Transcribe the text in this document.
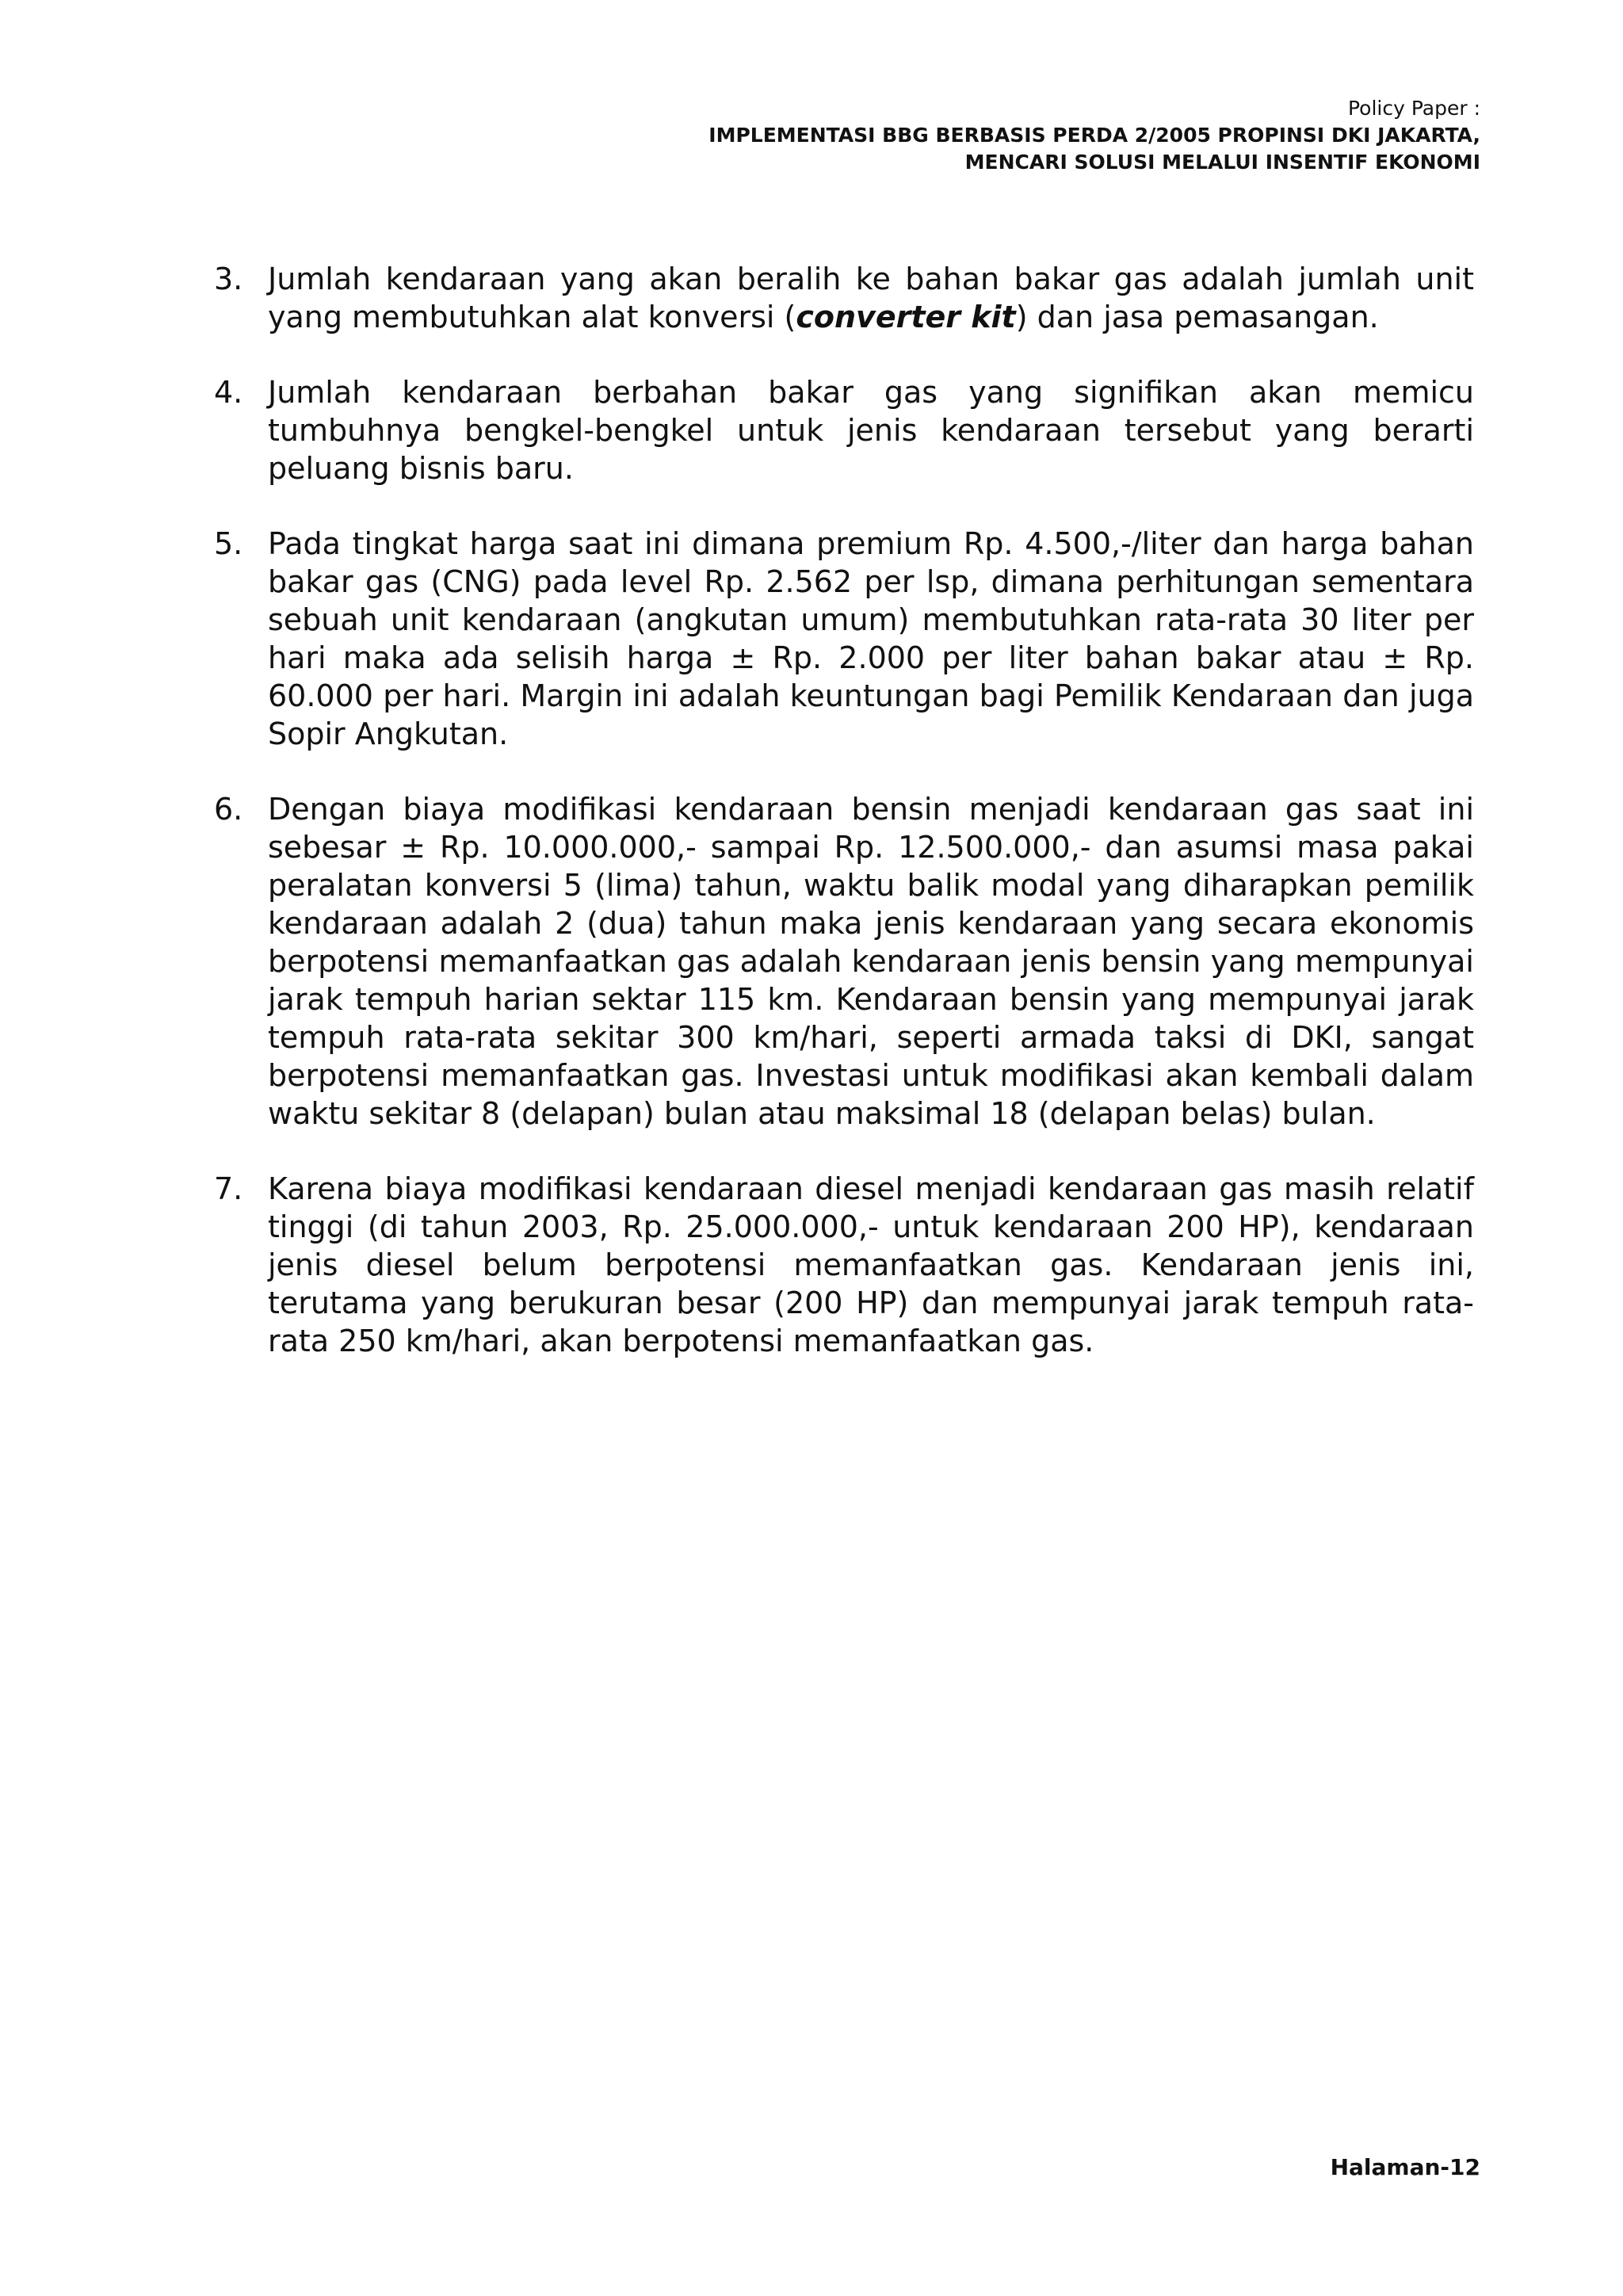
Policy Paper :
IMPLEMENTASI BBG BERBASIS PERDA 2/2005 PROPINSI DKI JAKARTA,
MENCARI SOLUSI MELALUI INSENTIF EKONOMI
3. Jumlah kendaraan yang akan beralih ke bahan bakar gas adalah jumlah unit yang membutuhkan alat konversi (converter kit) dan jasa pemasangan.
4. Jumlah kendaraan berbahan bakar gas yang signifikan akan memicu tumbuhnya bengkel-bengkel untuk jenis kendaraan tersebut yang berarti peluang bisnis baru.
5. Pada tingkat harga saat ini dimana premium Rp. 4.500,-/liter dan harga bahan bakar gas (CNG) pada level Rp. 2.562 per lsp, dimana perhitungan sementara sebuah unit kendaraan (angkutan umum) membutuhkan rata-rata 30 liter per hari maka ada selisih harga ± Rp. 2.000 per liter bahan bakar atau ± Rp. 60.000 per hari. Margin ini adalah keuntungan bagi Pemilik Kendaraan dan juga Sopir Angkutan.
6. Dengan biaya modifikasi kendaraan bensin menjadi kendaraan gas saat ini sebesar ± Rp. 10.000.000,- sampai Rp. 12.500.000,- dan asumsi masa pakai peralatan konversi 5 (lima) tahun, waktu balik modal yang diharapkan pemilik kendaraan adalah 2 (dua) tahun maka jenis kendaraan yang secara ekonomis berpotensi memanfaatkan gas adalah kendaraan jenis bensin yang mempunyai jarak tempuh harian sektar 115 km. Kendaraan bensin yang mempunyai jarak tempuh rata-rata sekitar 300 km/hari, seperti armada taksi di DKI, sangat berpotensi memanfaatkan gas. Investasi untuk modifikasi akan kembali dalam waktu sekitar 8 (delapan) bulan atau maksimal 18 (delapan belas) bulan.
7. Karena biaya modifikasi kendaraan diesel menjadi kendaraan gas masih relatif tinggi (di tahun 2003, Rp. 25.000.000,- untuk kendaraan 200 HP), kendaraan jenis diesel belum berpotensi memanfaatkan gas. Kendaraan jenis ini, terutama yang berukuran besar (200 HP) dan mempunyai jarak tempuh rata-rata 250 km/hari, akan berpotensi memanfaatkan gas.
Halaman-12
